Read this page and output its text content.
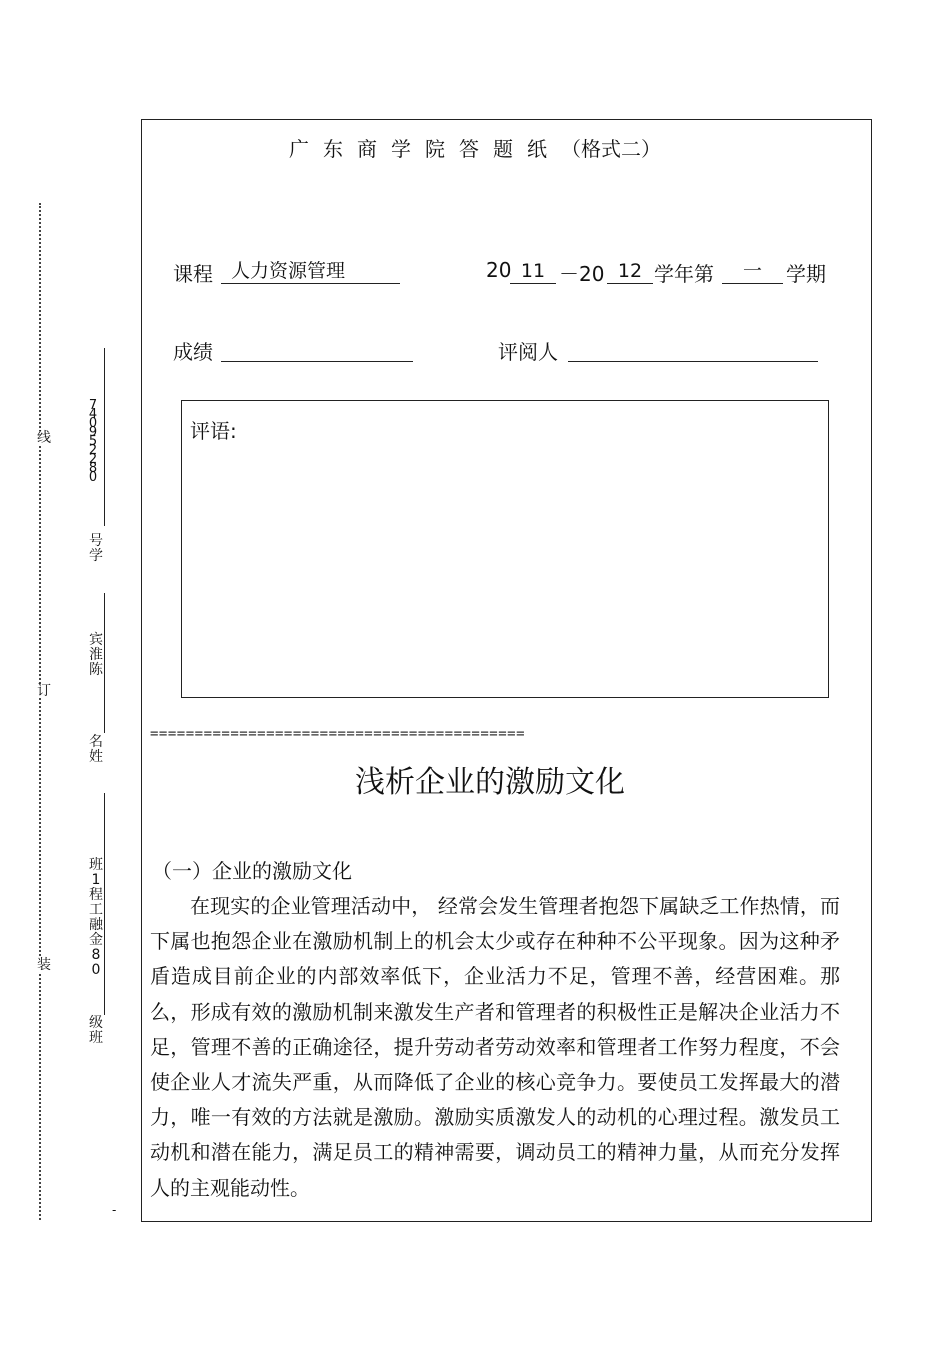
线
订
装
740952280
号学
宾淮陈
名姓
班1程工融金80
级班
-
广东商学院答题纸（格式二）
课程 人力资源管理	20 11 －20 12 学年第	一	学期
成绩	评阅人
评语:
==========================================
浅析企业的激励文化
（一）企业的激励文化
在现实的企业管理活动中， 经常会发生管理者抱怨下属缺乏工作热情，而下属也抱怨企业在激励机制上的机会太少或存在种种不公平现象。因为这种矛盾造成目前企业的内部效率低下，企业活力不足，管理不善，经营困难。那么，形成有效的激励机制来激发生产者和管理者的积极性正是解决企业活力不足，管理不善的正确途径，提升劳动者劳动效率和管理者工作努力程度，不会使企业人才流失严重，从而降低了企业的核心竞争力。要使员工发挥最大的潜力，唯一有效的方法就是激励。激励实质激发人的动机的心理过程。激发员工动机和潜在能力，满足员工的精神需要，调动员工的精神力量，从而充分发挥人的主观能动性。
